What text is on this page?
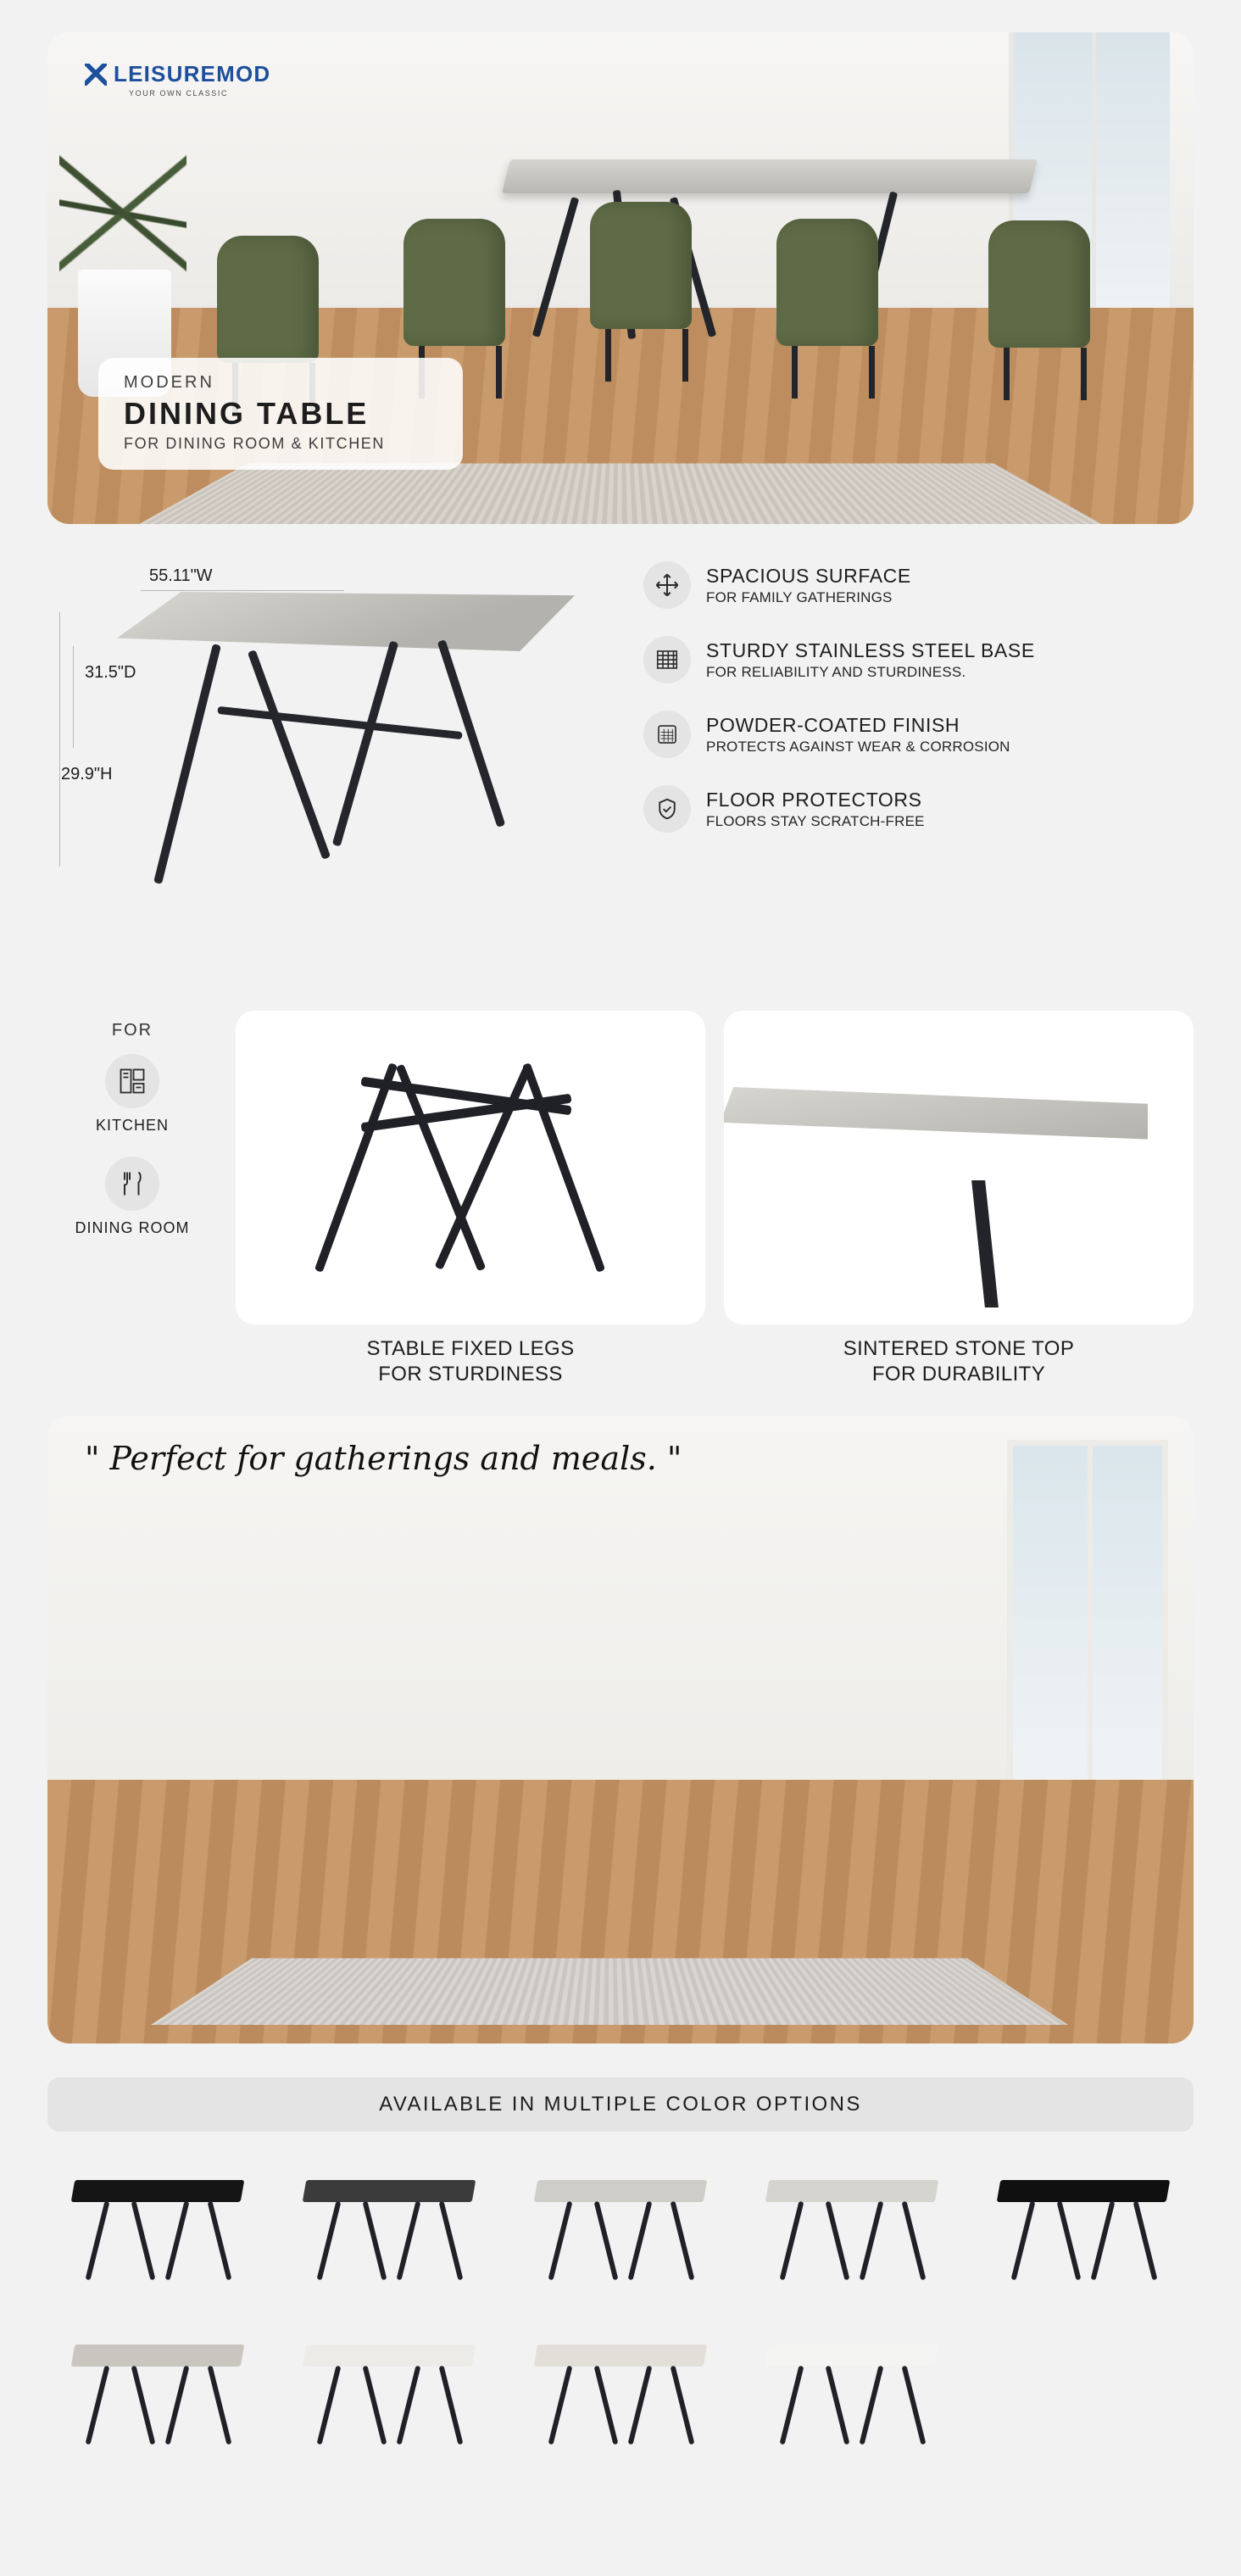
LEISUREMOD
YOUR OWN CLASSIC
MODERN
DINING TABLE
FOR DINING ROOM & KITCHEN
55.11"W
31.5"D
29.9"H
SPACIOUS SURFACE
FOR FAMILY GATHERINGS
STURDY STAINLESS STEEL BASE
FOR RELIABILITY AND STURDINESS.
POWDER-COATED FINISH
PROTECTS AGAINST WEAR & CORROSION
FLOOR PROTECTORS
FLOORS STAY SCRATCH-FREE
FOR
KITCHEN
DINING ROOM
STABLE FIXED LEGS
FOR STURDINESS
SINTERED STONE TOP
FOR DURABILITY
" Perfect for gatherings and meals. "
AVAILABLE IN MULTIPLE COLOR OPTIONS
